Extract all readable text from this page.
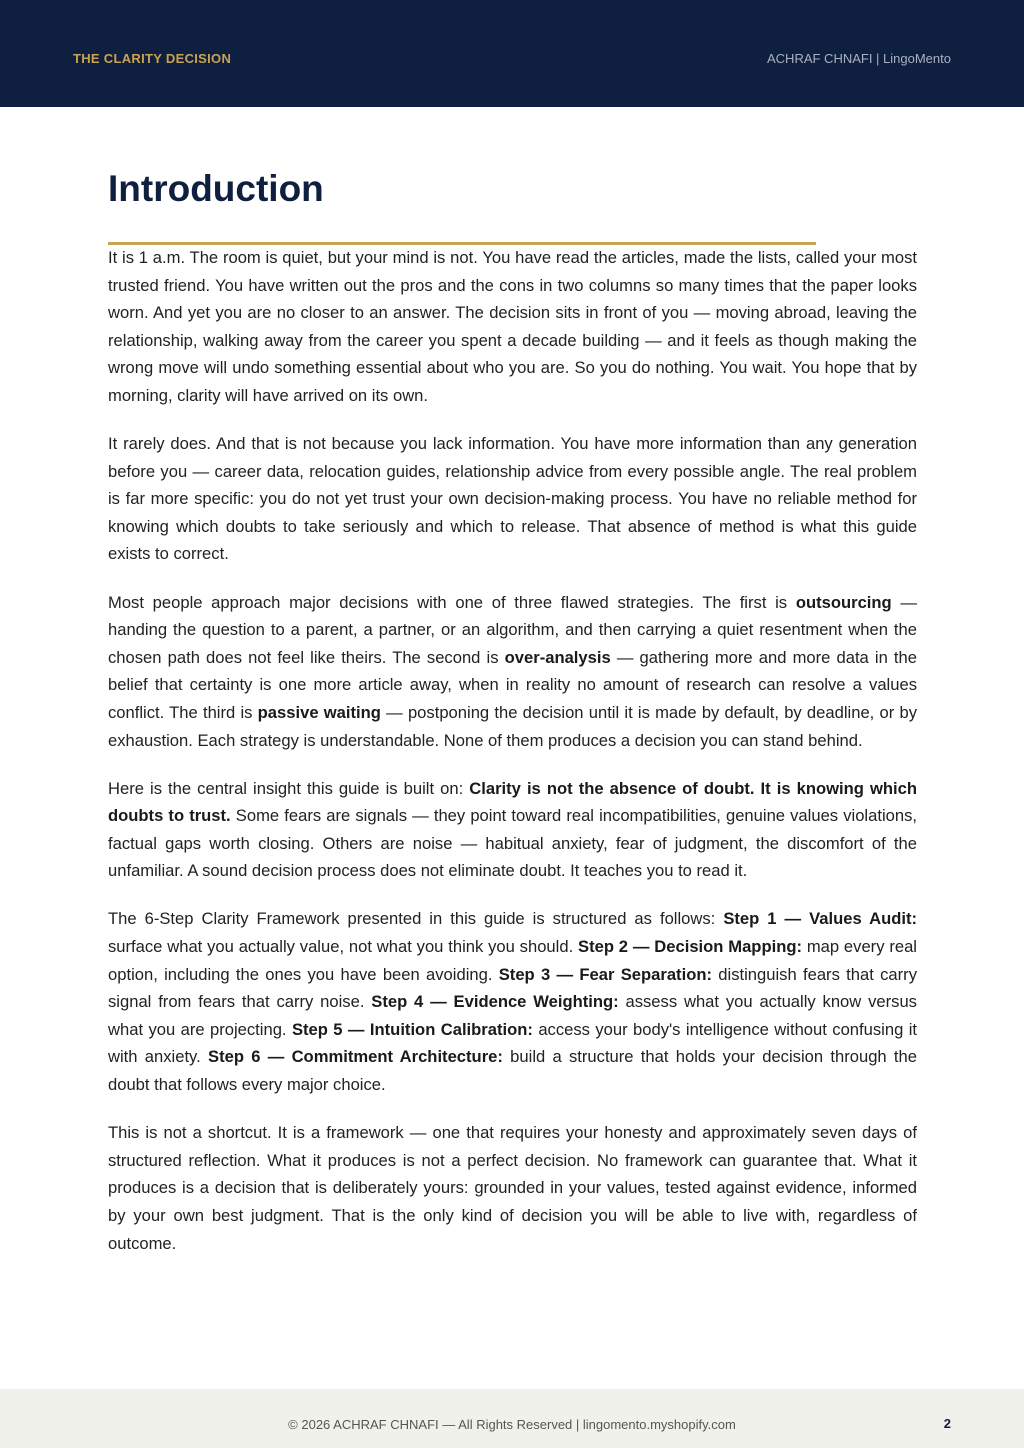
THE CLARITY DECISION	ACHRAF CHNAFI | LingoMento
Introduction

It is 1 a.m. The room is quiet, but your mind is not. You have read the articles, made the lists, called your most trusted friend. You have written out the pros and the cons in two columns so many times that the paper looks worn. And yet you are no closer to an answer. The decision sits in front of you — moving abroad, leaving the relationship, walking away from the career you spent a decade building — and it feels as though making the wrong move will undo something essential about who you are. So you do nothing. You wait. You hope that by morning, clarity will have arrived on its own.

It rarely does. And that is not because you lack information. You have more information than any generation before you — career data, relocation guides, relationship advice from every possible angle. The real problem is far more specific: you do not yet trust your own decision-making process. You have no reliable method for knowing which doubts to take seriously and which to release. That absence of method is what this guide exists to correct.

Most people approach major decisions with one of three flawed strategies. The first is outsourcing — handing the question to a parent, a partner, or an algorithm, and then carrying a quiet resentment when the chosen path does not feel like theirs. The second is over-analysis — gathering more and more data in the belief that certainty is one more article away, when in reality no amount of research can resolve a values conflict. The third is passive waiting — postponing the decision until it is made by default, by deadline, or by exhaustion. Each strategy is understandable. None of them produces a decision you can stand behind.

Here is the central insight this guide is built on: Clarity is not the absence of doubt. It is knowing which doubts to trust. Some fears are signals — they point toward real incompatibilities, genuine values violations, factual gaps worth closing. Others are noise — habitual anxiety, fear of judgment, the discomfort of the unfamiliar. A sound decision process does not eliminate doubt. It teaches you to read it.

The 6-Step Clarity Framework presented in this guide is structured as follows: Step 1 — Values Audit: surface what you actually value, not what you think you should. Step 2 — Decision Mapping: map every real option, including the ones you have been avoiding. Step 3 — Fear Separation: distinguish fears that carry signal from fears that carry noise. Step 4 — Evidence Weighting: assess what you actually know versus what you are projecting. Step 5 — Intuition Calibration: access your body's intelligence without confusing it with anxiety. Step 6 — Commitment Architecture: build a structure that holds your decision through the doubt that follows every major choice.

This is not a shortcut. It is a framework — one that requires your honesty and approximately seven days of structured reflection. What it produces is not a perfect decision. No framework can guarantee that. What it produces is a decision that is deliberately yours: grounded in your values, tested against evidence, informed by your own best judgment. That is the only kind of decision you will be able to live with, regardless of outcome.

© 2026 ACHRAF CHNAFI — All Rights Reserved | lingomento.myshopify.com	2
